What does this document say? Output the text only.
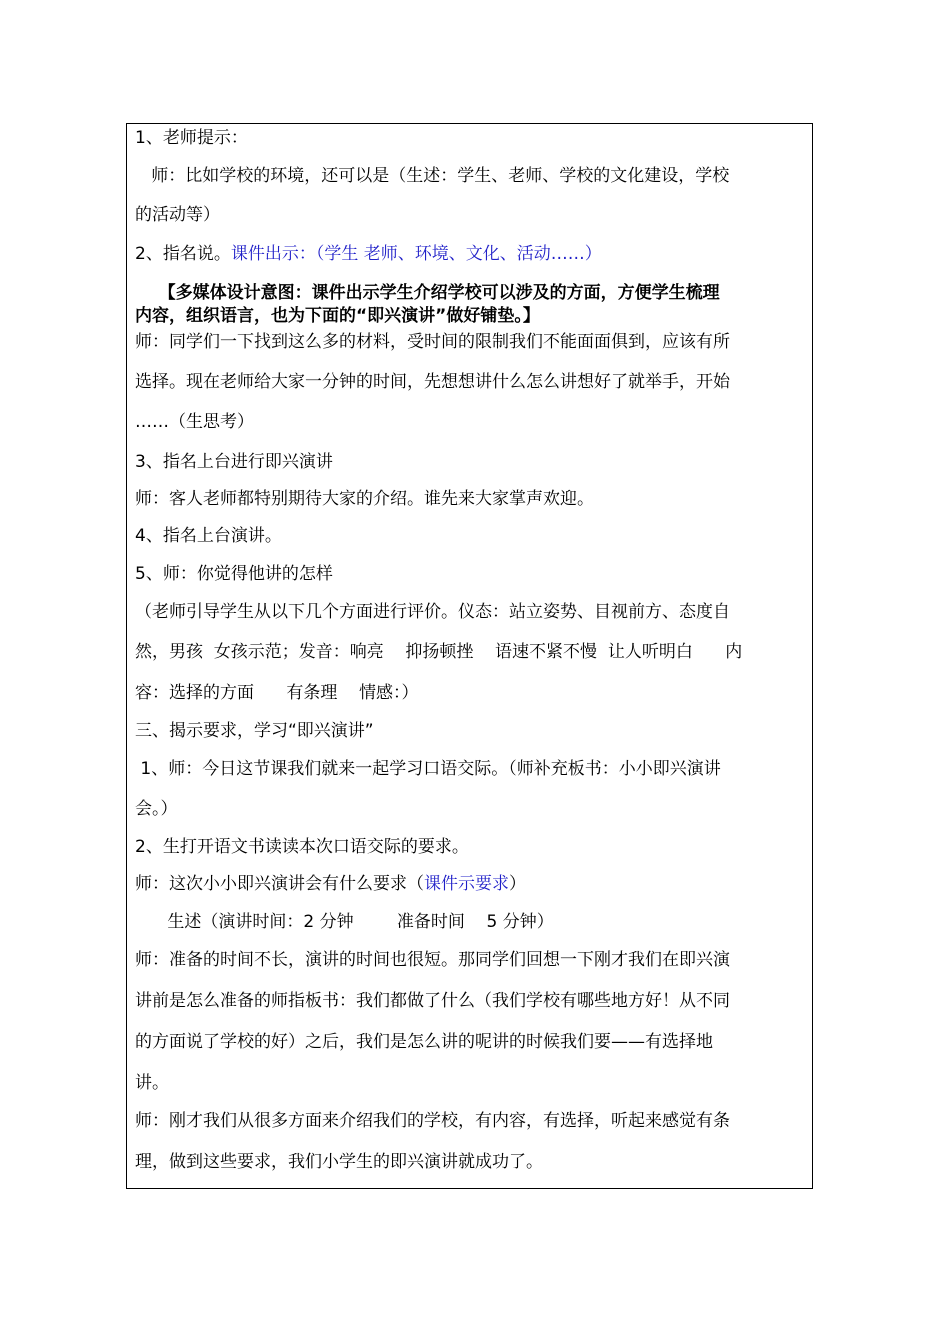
1、老师提示：
师：比如学校的环境，还可以是（生述：学生、老师、学校的文化建设，学校
的活动等）
2、指名说。课件出示：（学生 老师、环境、文化、活动……）
【多媒体设计意图：课件出示学生介绍学校可以涉及的方面，方便学生梳理
内容，组织语言，也为下面的“即兴演讲”做好铺垫。】
师：同学们一下找到这么多的材料，受时间的限制我们不能面面俱到，应该有所
选择。现在老师给大家一分钟的时间，先想想讲什么怎么讲想好了就举手，开始
……（生思考）
3、指名上台进行即兴演讲
师：客人老师都特别期待大家的介绍。谁先来大家掌声欢迎。
4、指名上台演讲。
5、师：你觉得他讲的怎样
（老师引导学生从以下几个方面进行评价。仪态：站立姿势、目视前方、态度自
然，男孩  女孩示范；发音：响亮    抑扬顿挫    语速不紧不慢  让人听明白      内
容：选择的方面      有条理    情感：）
三、揭示要求，学习“即兴演讲”
1、师：今日这节课我们就来一起学习口语交际。（师补充板书：小小即兴演讲
会。）
2、生打开语文书读读本次口语交际的要求。
师：这次小小即兴演讲会有什么要求（课件示要求）
生述（演讲时间：2 分钟        准备时间    5 分钟）
师：准备的时间不长，演讲的时间也很短。那同学们回想一下刚才我们在即兴演
讲前是怎么准备的师指板书：我们都做了什么（我们学校有哪些地方好！从不同
的方面说了学校的好）之后，我们是怎么讲的呢讲的时候我们要——有选择地
讲。
师：刚才我们从很多方面来介绍我们的学校，有内容，有选择，听起来感觉有条
理，做到这些要求，我们小学生的即兴演讲就成功了。
